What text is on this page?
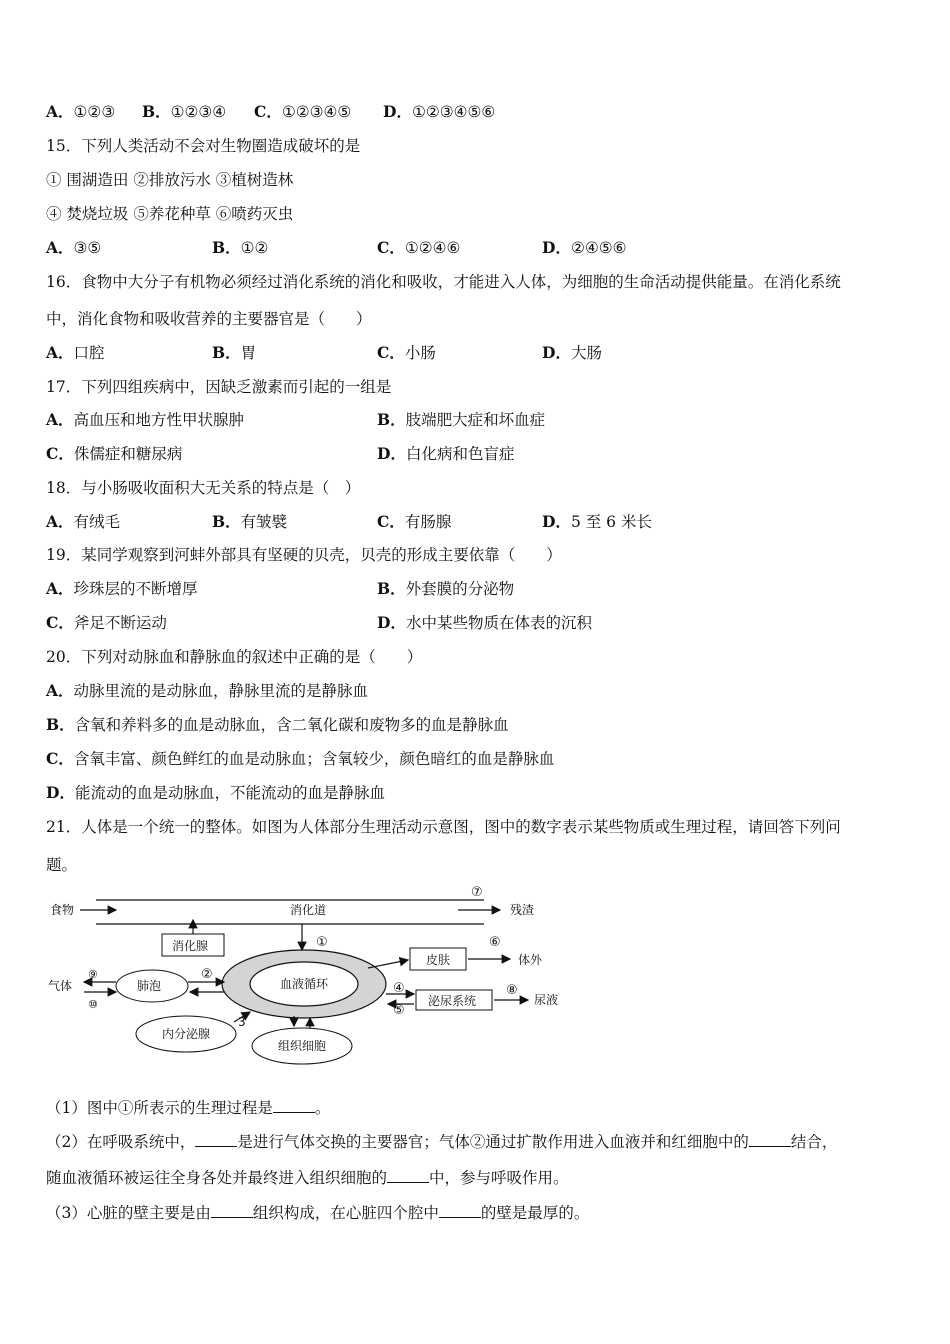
A．①②③ B．①②③④ C．①②③④⑤ D．①②③④⑤⑥
15．下列人类活动不会对生物圈造成破坏的是
① 围湖造田 ②排放污水 ③植树造林
④ 焚烧垃圾 ⑤养花种草 ⑥喷药灭虫
A．③⑤	B．①②	C．①②④⑥	D．②④⑤⑥
16．食物中大分子有机物必须经过消化系统的消化和吸收，才能进入人体，为细胞的生命活动提供能量。在消化系统
中，消化食物和吸收营养的主要器官是（　　）
A．口腔	B．胃	C．小肠	D．大肠
17．下列四组疾病中，因缺乏激素而引起的一组是
A．高血压和地方性甲状腺肿	B．肢端肥大症和坏血症
C．侏儒症和糖尿病	D．白化病和色盲症
18．与小肠吸收面积大无关系的特点是（　）
A．有绒毛	B．有皱襞	C．有肠腺	D．5 至 6 米长
19．某同学观察到河蚌外部具有坚硬的贝壳，贝壳的形成主要依靠（　　）
A．珍珠层的不断增厚	B．外套膜的分泌物
C．斧足不断运动	D．水中某些物质在体表的沉积
20．下列对动脉血和静脉血的叙述中正确的是（　　）
A．动脉里流的是动脉血，静脉里流的是静脉血
B．含氧和养料多的血是动脉血，含二氧化碳和废物多的血是静脉血
C．含氧丰富、颜色鲜红的血是动脉血；含氧较少，颜色暗红的血是静脉血
D．能流动的血是动脉血，不能流动的血是静脉血
21．人体是一个统一的整体。如图为人体部分生理活动示意图，图中的数字表示某些物质或生理过程，请回答下列问
题。
食物	消化道	残渣
⑦
消化腺	①
血液循环
肺泡
②
气体
⑨
⑩
内分泌腺
3
组织细胞
皮肤
⑥
体外
泌尿系统
④
⑤
⑧
尿液
（1）图中①所表示的生理过程是	。
（2）在呼吸系统中，	是进行气体交换的主要器官；气体②通过扩散作用进入血液并和红细胞中的	结合，
随血液循环被运往全身各处并最终进入组织细胞的	中，参与呼吸作用。
（3）心脏的壁主要是由	组织构成，在心脏四个腔中	的壁是最厚的。
